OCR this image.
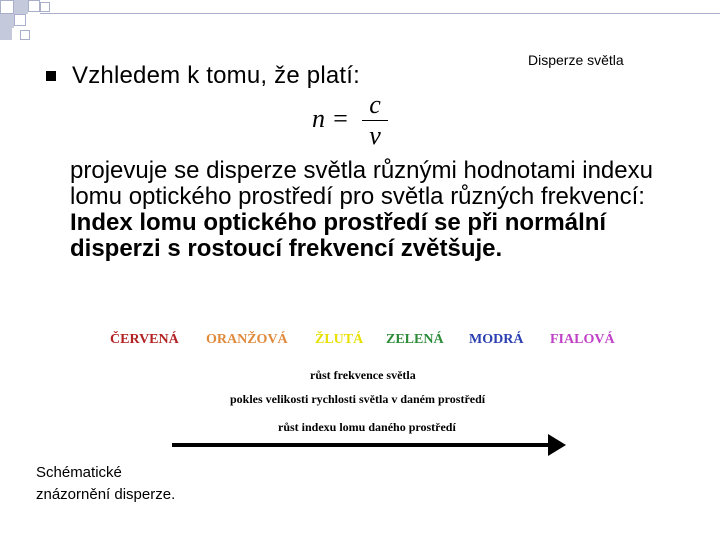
Disperze světla
Vzhledem k tomu, že platí:
n = c
v
projevuje se disperze světla různými hodnotami indexu lomu optického prostředí pro světla různých frekvencí: Index lomu optického prostředí se při normální disperzi s rostoucí frekvencí zvětšuje.
ČERVENÁ ORANŽOVÁ ŽLUTÁ ZELENÁ MODRÁ FIALOVÁ
růst frekvence světla
pokles velikosti rychlosti světla v daném prostředí
růst indexu lomu daného prostředí
Schématické
znázornění disperze.
